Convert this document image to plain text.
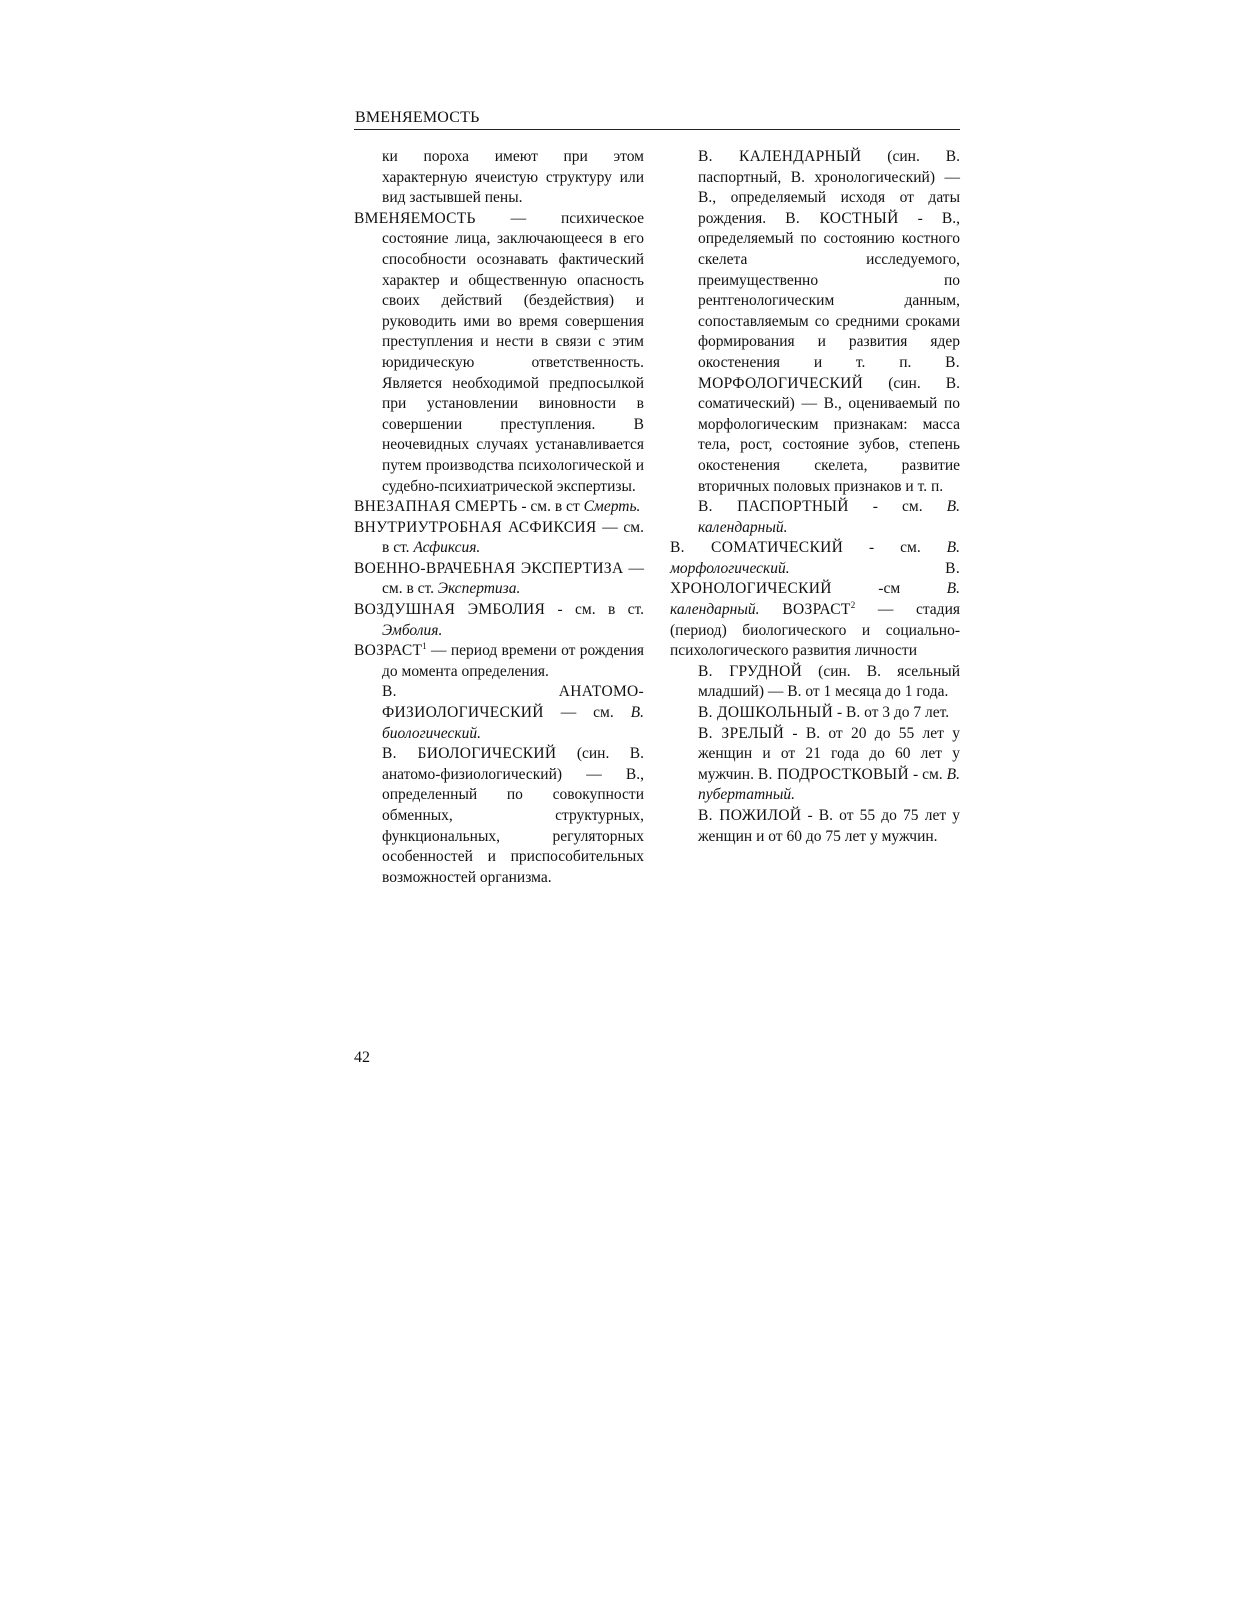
ВМЕНЯЕМОСТЬ

ки пороха имеют при этом характерную ячеистую структуру или вид застывшей пены.

ВМЕНЯЕМОСТЬ — психическое состояние лица, заключающееся в его способности осознавать фактический характер и общественную опасность своих действий (бездействия) и руководить ими во время совершения преступления и нести в связи с этим юридическую ответственность. Является необходимой предпосылкой при установлении виновности в совершении преступления. В неочевидных случаях устанавливается путем производства психологической и судебно-психиатрической экспертизы.

ВНЕЗАПНАЯ СМЕРТЬ - см. в ст Смерть.

ВНУТРИУТРОБНАЯ АСФИКСИЯ — см. в ст. Асфиксия.

ВОЕННО-ВРАЧЕБНАЯ ЭКСПЕРТИЗА — см. в ст. Экспертиза.

ВОЗДУШНАЯ ЭМБОЛИЯ - см. в ст. Эмболия.

ВОЗРАСТ$^1$ — период времени от рождения до момента определения.

В. АНАТОМО-ФИЗИОЛОГИЧЕСКИЙ — см. В. биологический.

В. БИОЛОГИЧЕСКИЙ (син. В. анатомо-физиологический) — В., определенный по совокупности обменных, структурных, функциональных, регуляторных особенностей и приспособительных возможностей организма.

В. КАЛЕНДАРНЫЙ (син. В. паспортный, В. хронологический) — В., определяемый исходя от даты рождения. В. КОСТНЫЙ - В., определяемый по состоянию костного скелета исследуемого, преимущественно по рентгенологическим данным, сопоставляемым со средними сроками формирования и развития ядер окостенения и т. п. В. МОРФОЛОГИЧЕСКИЙ (син. В. соматический) — В., оцениваемый по морфологическим признакам: масса тела, рост, состояние зубов, степень окостенения скелета, развитие вторичных половых признаков и т. п.

В. ПАСПОРТНЫЙ - см. В. календарный.

В. СОМАТИЧЕСКИЙ - см. В. морфологический. В. ХРОНОЛОГИЧЕСКИЙ -см В. календарный. ВОЗРАСТ$^2$ — стадия (период) биологического и социально-психологического развития личности

В. ГРУДНОЙ (син. В. ясельный младший) — В. от 1 месяца до 1 года.

В. ДОШКОЛЬНЫЙ - В. от 3 до 7 лет.

В. ЗРЕЛЫЙ - В. от 20 до 55 лет у женщин и от 21 года до 60 лет у мужчин. В. ПОДРОСТКОВЫЙ - см. В. пубертатный.

В. ПОЖИЛОЙ - В. от 55 до 75 лет у женщин и от 60 до 75 лет у мужчин.

42
